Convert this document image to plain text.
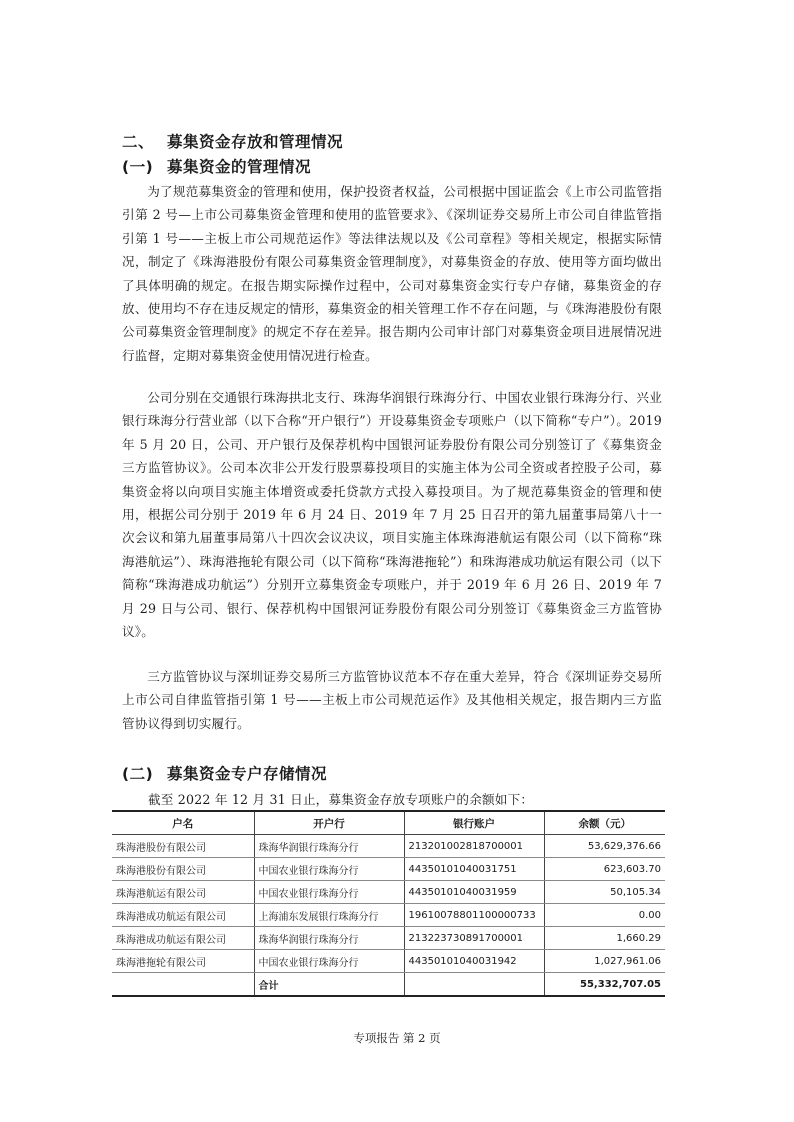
二、 募集资金存放和管理情况
(一) 募集资金的管理情况
为了规范募集资金的管理和使用，保护投资者权益，公司根据中国证监会《上市公司监管指引第 2 号—上市公司募集资金管理和使用的监管要求》、《深圳证券交易所上市公司自律监管指引第 1 号——主板上市公司规范运作》等法律法规以及《公司章程》等相关规定，根据实际情况，制定了《珠海港股份有限公司募集资金管理制度》，对募集资金的存放、使用等方面均做出了具体明确的规定。在报告期实际操作过程中，公司对募集资金实行专户存储，募集资金的存放、使用均不存在违反规定的情形，募集资金的相关管理工作不存在问题，与《珠海港股份有限公司募集资金管理制度》的规定不存在差异。报告期内公司审计部门对募集资金项目进展情况进行监督，定期对募集资金使用情况进行检查。
公司分别在交通银行珠海拱北支行、珠海华润银行珠海分行、中国农业银行珠海分行、兴业银行珠海分行营业部（以下合称“开户银行”）开设募集资金专项账户（以下简称“专户”）。2019 年 5 月 20 日，公司、开户银行及保荐机构中国银河证券股份有限公司分别签订了《募集资金三方监管协议》。公司本次非公开发行股票募投项目的实施主体为公司全资或者控股子公司，募集资金将以向项目实施主体增资或委托贷款方式投入募投项目。为了规范募集资金的管理和使用，根据公司分别于 2019 年 6 月 24 日、2019 年 7 月 25 日召开的第九届董事局第八十一次会议和第九届董事局第八十四次会议决议，项目实施主体珠海港航运有限公司（以下简称“珠海港航运”）、珠海港拖轮有限公司（以下简称“珠海港拖轮”）和珠海港成功航运有限公司（以下简称“珠海港成功航运”）分别开立募集资金专项账户，并于 2019 年 6 月 26 日、2019 年 7 月 29 日与公司、银行、保荐机构中国银河证券股份有限公司分别签订《募集资金三方监管协议》。
三方监管协议与深圳证券交易所三方监管协议范本不存在重大差异，符合《深圳证券交易所上市公司自律监管指引第 1 号——主板上市公司规范运作》及其他相关规定，报告期内三方监管协议得到切实履行。
(二) 募集资金专户存储情况
截至 2022 年 12 月 31 日止，募集资金存放专项账户的余额如下：
户名	开户行	银行账户	余额（元）
珠海港股份有限公司	珠海华润银行珠海分行	213201002818700001	53,629,376.66
珠海港股份有限公司	中国农业银行珠海分行	44350101040031751	623,603.70
珠海港航运有限公司	中国农业银行珠海分行	44350101040031959	50,105.34
珠海港成功航运有限公司	上海浦东发展银行珠海分行	19610078801100000733	0.00
珠海港成功航运有限公司	珠海华润银行珠海分行	213223730891700001	1,660.29
珠海港拖轮有限公司	中国农业银行珠海分行	44350101040031942	1,027,961.06
	合计		55,332,707.05
专项报告 第 2 页
